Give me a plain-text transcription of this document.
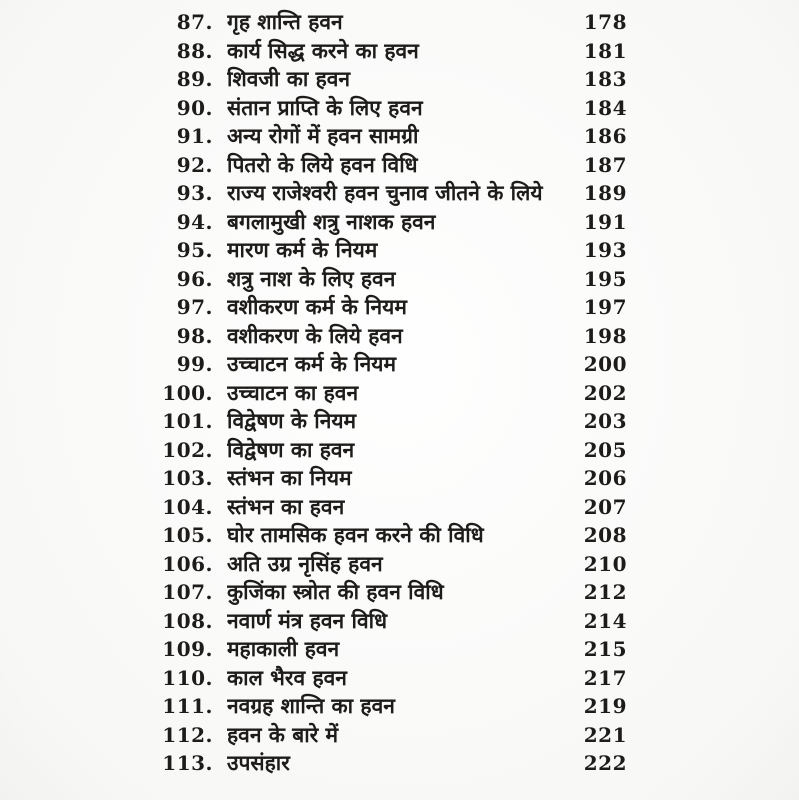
87. गृह शान्ति हवन	178
88. कार्य सिद्ध करने का हवन	181
89. शिवजी का हवन	183
90. संतान प्राप्ति के लिए हवन	184
91. अन्य रोगों में हवन सामग्री	186
92. पितरो के लिये हवन विधि	187
93. राज्य राजेश्वरी हवन चुनाव जीतने के लिये	189
94. बगलामुखी शत्रु नाशक हवन	191
95. मारण कर्म के नियम	193
96. शत्रु नाश के लिए हवन	195
97. वशीकरण कर्म के नियम	197
98. वशीकरण के लिये हवन	198
99. उच्चाटन कर्म के नियम	200
100. उच्चाटन का हवन	202
101. विद्वेषण के नियम	203
102. विद्वेषण का हवन	205
103. स्तंभन का नियम	206
104. स्तंभन का हवन	207
105. घोर तामसिक हवन करने की विधि	208
106. अति उग्र नृसिंह हवन	210
107. कुजिंका स्त्रोत की हवन विधि	212
108. नवार्ण मंत्र हवन विधि	214
109. महाकाली हवन	215
110. काल भैरव हवन	217
111. नवग्रह शान्ति का हवन	219
112. हवन के बारे में	221
113. उपसंहार	222
